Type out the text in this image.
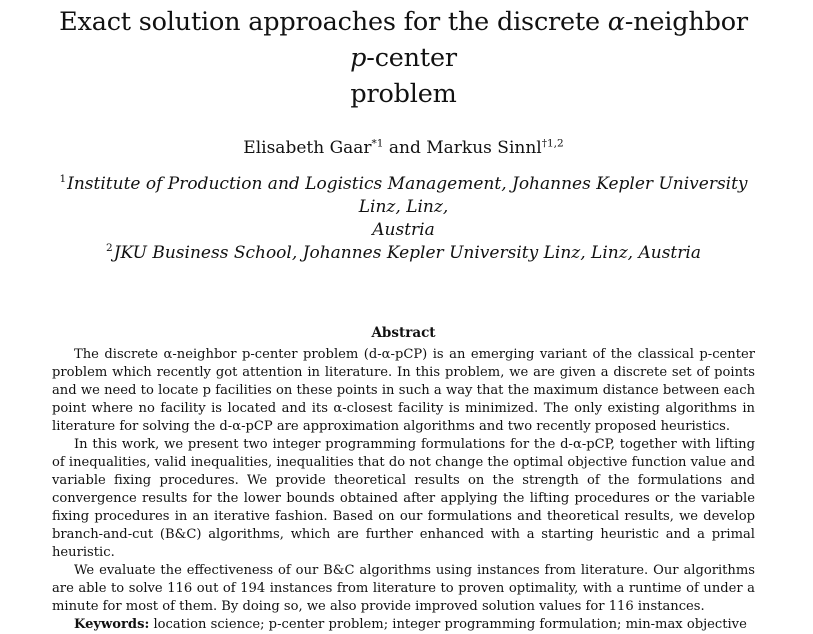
Exact solution approaches for the discrete α-neighbor p-center
problem
Elisabeth Gaar$^{*1}$ and Markus Sinnl$^{\dagger 1,2}$
$^1$Institute of Production and Logistics Management, Johannes Kepler University Linz, Linz,
Austria
$^2$JKU Business School, Johannes Kepler University Linz, Linz, Austria
Abstract

The discrete α-neighbor p-center problem (d-α-pCP) is an emerging variant of the classical p-center problem which recently got attention in literature. In this problem, we are given a discrete set of points and we need to locate p facilities on these points in such a way that the maximum distance between each point where no facility is located and its α-closest facility is minimized. The only existing algorithms in literature for solving the d-α-pCP are approximation algorithms and two recently proposed heuristics.

In this work, we present two integer programming formulations for the d-α-pCP, together with lifting of inequalities, valid inequalities, inequalities that do not change the optimal objective function value and variable fixing procedures. We provide theoretical results on the strength of the formulations and convergence results for the lower bounds obtained after applying the lifting procedures or the variable fixing procedures in an iterative fashion. Based on our formulations and theoretical results, we develop branch-and-cut (B&C) algorithms, which are further enhanced with a starting heuristic and a primal heuristic.

We evaluate the effectiveness of our B&C algorithms using instances from literature. Our algorithms are able to solve 116 out of 194 instances from literature to proven optimality, with a runtime of under a minute for most of them. By doing so, we also provide improved solution values for 116 instances.

Keywords: location science; p-center problem; integer programming formulation; min-max objective
